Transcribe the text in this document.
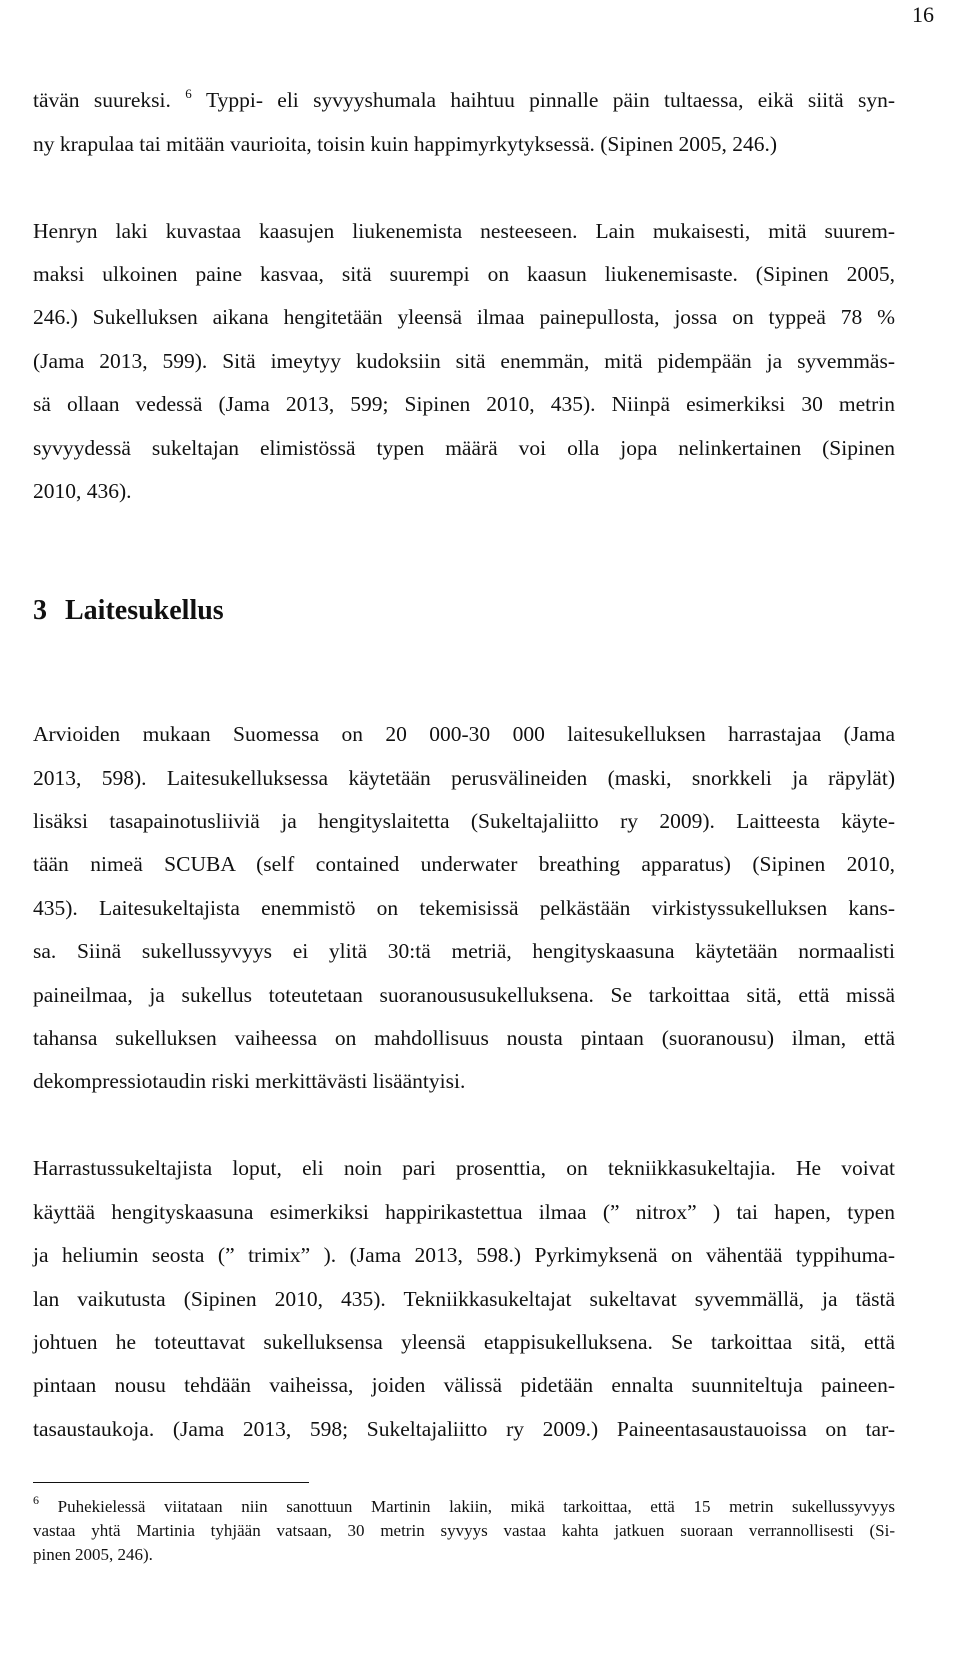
16
tävän suureksi. $^6$ Typpi- eli syvyyshumala haihtuu pinnalle päin tultaessa, eikä siitä syn-
ny krapulaa tai mitään vaurioita, toisin kuin happimyrkytyksessä. (Sipinen 2005, 246.)
Henryn laki kuvastaa kaasujen liukenemista nesteeseen. Lain mukaisesti, mitä suurem-
maksi ulkoinen paine kasvaa, sitä suurempi on kaasun liukenemisaste. (Sipinen 2005,
246.) Sukelluksen aikana hengitetään yleensä ilmaa painepullosta, jossa on typpeä 78 %
(Jama 2013, 599). Sitä imeytyy kudoksiin sitä enemmän, mitä pidempään ja syvemmäs-
sä ollaan vedessä (Jama 2013, 599; Sipinen 2010, 435). Niinpä esimerkiksi 30 metrin
syvyydessä sukeltajan elimistössä typen määrä voi olla jopa nelinkertainen (Sipinen
2010, 436).
3 Laitesukellus
Arvioiden mukaan Suomessa on 20 000-30 000 laitesukelluksen harrastajaa (Jama
2013, 598). Laitesukelluksessa käytetään perusvälineiden (maski, snorkkeli ja räpylät)
lisäksi tasapainotusliiviä ja hengityslaitetta (Sukeltajaliitto ry 2009). Laitteesta käyte-
tään nimeä SCUBA (self contained underwater breathing apparatus) (Sipinen 2010,
435). Laitesukeltajista enemmistö on tekemisissä pelkästään virkistyssukelluksen kans-
sa. Siinä sukellussyvyys ei ylitä 30:tä metriä, hengityskaasuna käytetään normaalisti
paineilmaa, ja sukellus toteutetaan suoranoususukelluksena. Se tarkoittaa sitä, että missä
tahansa sukelluksen vaiheessa on mahdollisuus nousta pintaan (suoranousu) ilman, että
dekompressiotaudin riski merkittävästi lisääntyisi.
Harrastussukeltajista loput, eli noin pari prosenttia, on tekniikkasukeltajia. He voivat
käyttää hengityskaasuna esimerkiksi happirikastettua ilmaa (” nitrox” ) tai hapen, typen
ja heliumin seosta (” trimix” ). (Jama 2013, 598.) Pyrkimyksenä on vähentää typpihuma-
lan vaikutusta (Sipinen 2010, 435). Tekniikkasukeltajat sukeltavat syvemmällä, ja tästä
johtuen he toteuttavat sukelluksensa yleensä etappisukelluksena. Se tarkoittaa sitä, että
pintaan nousu tehdään vaiheissa, joiden välissä pidetään ennalta suunniteltuja paineen-
tasaustaukoja. (Jama 2013, 598; Sukeltajaliitto ry 2009.) Paineentasaustauoissa on tar-
$^6$ Puhekielessä viitataan niin sanottuun Martinin lakiin, mikä tarkoittaa, että 15 metrin sukellussyvyys
vastaa yhtä Martinia tyhjään vatsaan, 30 metrin syvyys vastaa kahta jatkuen suoraan verrannollisesti (Si-
pinen 2005, 246).
